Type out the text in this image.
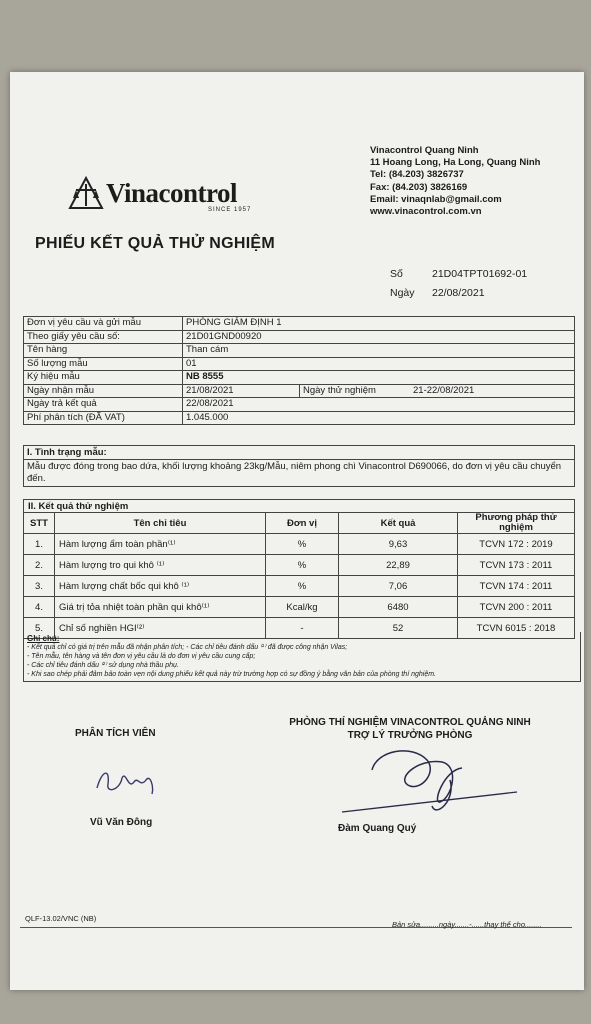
Vinacontrol
SINCE 1957
Vinacontrol Quang Ninh
11 Hoang Long, Ha Long, Quang Ninh
Tel: (84.203) 3826737
Fax: (84.203) 3826169
Email: vinaqnlab@gmail.com
www.vinacontrol.com.vn
PHIẾU KẾT QUẢ THỬ NGHIỆM
Số	21D04TPT01692-01
Ngày 22/08/2021
Đơn vị yêu cầu và gửi mẫu	PHÒNG GIÁM ĐỊNH 1	
Theo giấy yêu cầu số:	21D01GND00920	
Tên hàng	Than cám	
Số lượng mẫu	01	
Ký hiệu mẫu	NB 8555	
Ngày nhận mẫu	21/08/2021	Ngày thử nghiệm 21-22/08/2021
Ngày trả kết quả	22/08/2021	
Phí phân tích (ĐÃ VAT)	1.045.000	
I. Tình trạng mẫu:
Mẫu được đóng trong bao dứa, khối lượng khoảng 23kg/Mẫu, niêm phong chì Vinacontrol D690066, do đơn vị yêu cầu chuyển đến.
II. Kết quả thử nghiệm				
STT	Tên chỉ tiêu	Đơn vị	Kết quả	Phương pháp thử nghiệm
1.	Hàm lượng ẩm toàn phần⁽¹⁾	%	9,63	TCVN 172 : 2019
2.	Hàm lượng tro qui khô ⁽¹⁾	%	22,89	TCVN 173 : 2011
3.	Hàm lượng chất bốc qui khô ⁽¹⁾	%	7,06	TCVN 174 : 2011
4.	Giá trị tỏa nhiệt toàn phần qui khô⁽¹⁾	Kcal/kg	6480	TCVN 200 : 2011
5.	Chỉ số nghiền HGI⁽²⁾	-	52	TCVN 6015 : 2018
Ghi chú:
- Kết quả chỉ có giá trị trên mẫu đã nhận phân tích; - Các chỉ tiêu đánh dấu ⁽¹⁾ đã được công nhận Vilas;
- Tên mẫu, tên hàng và tên đơn vị yêu cầu là do đơn vị yêu cầu cung cấp;
- Các chỉ tiêu đánh dấu ⁽²⁾ sử dụng nhà thầu phụ.
- Khi sao chép phải đảm bảo toàn vẹn nội dung phiếu kết quả này trừ trường hợp có sự đồng ý bằng văn bản của phòng thí nghiệm.
PHÂN TÍCH VIÊN
PHÒNG THÍ NGHIỆM VINACONTROL QUẢNG NINH
TRỢ LÝ TRƯỞNG PHÒNG
Vũ Văn Đông
Đàm Quang Quý
QLF-13.02/VNC (NB)
Bản sửa.........ngày.......-......thay thế cho........
